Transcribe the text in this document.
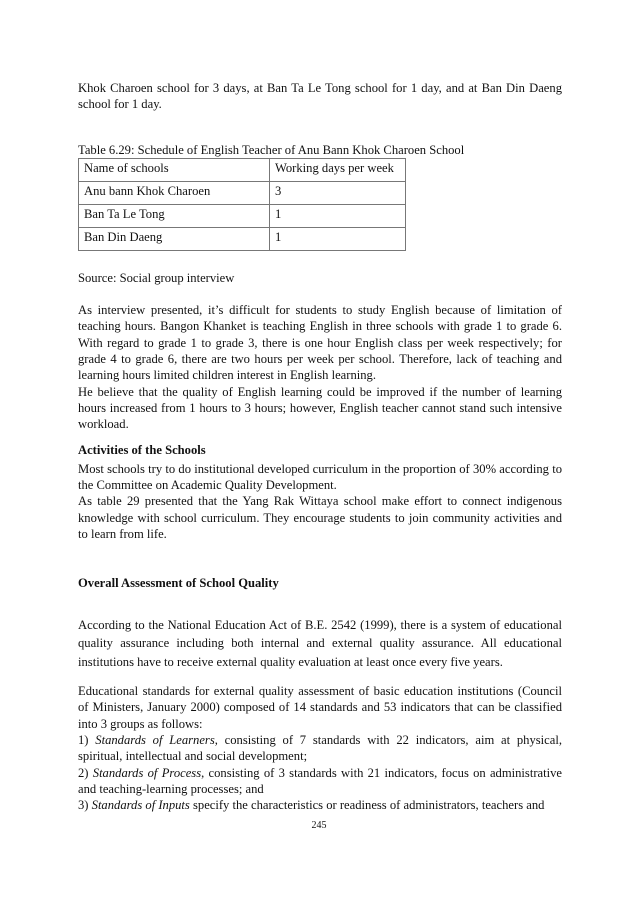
Khok Charoen school for 3 days, at Ban Ta Le Tong school for 1 day, and at Ban Din Daeng school for 1 day.

Table 6.29: Schedule of English Teacher of Anu Bann Khok Charoen School

Name of schools	Working days per week
Anu bann Khok Charoen	3
Ban Ta Le Tong	1
Ban Din Daeng	1

Source: Social group interview

As interview presented, it’s difficult for students to study English because of limitation of teaching hours. Bangon Khanket is teaching English in three schools with grade 1 to grade 6. With regard to grade 1 to grade 3, there is one hour English class per week respectively; for grade 4 to grade 6, there are two hours per week per school. Therefore, lack of teaching and learning hours limited children interest in English learning.

He believe that the quality of English learning could be improved if the number of learning hours increased from 1 hours to 3 hours; however, English teacher cannot stand such intensive workload.

Activities of the Schools

Most schools try to do institutional developed curriculum in the proportion of 30% according to the Committee on Academic Quality Development.

As table 29 presented that the Yang Rak Wittaya school make effort to connect indigenous knowledge with school curriculum. They encourage students to join community activities and to learn from life.

Overall Assessment of School Quality

According to the National Education Act of B.E. 2542 (1999), there is a system of educational quality assurance including both internal and external quality assurance. All educational institutions have to receive external quality evaluation at least once every five years.

Educational standards for external quality assessment of basic education institutions (Council of Ministers, January 2000) composed of 14 standards and 53 indicators that can be classified into 3 groups as follows:

1) Standards of Learners, consisting of 7 standards with 22 indicators, aim at physical, spiritual, intellectual and social development;

2) Standards of Process, consisting of 3 standards with 21 indicators, focus on administrative and teaching-learning processes; and

3) Standards of Inputs specify the characteristics or readiness of administrators, teachers and

245
